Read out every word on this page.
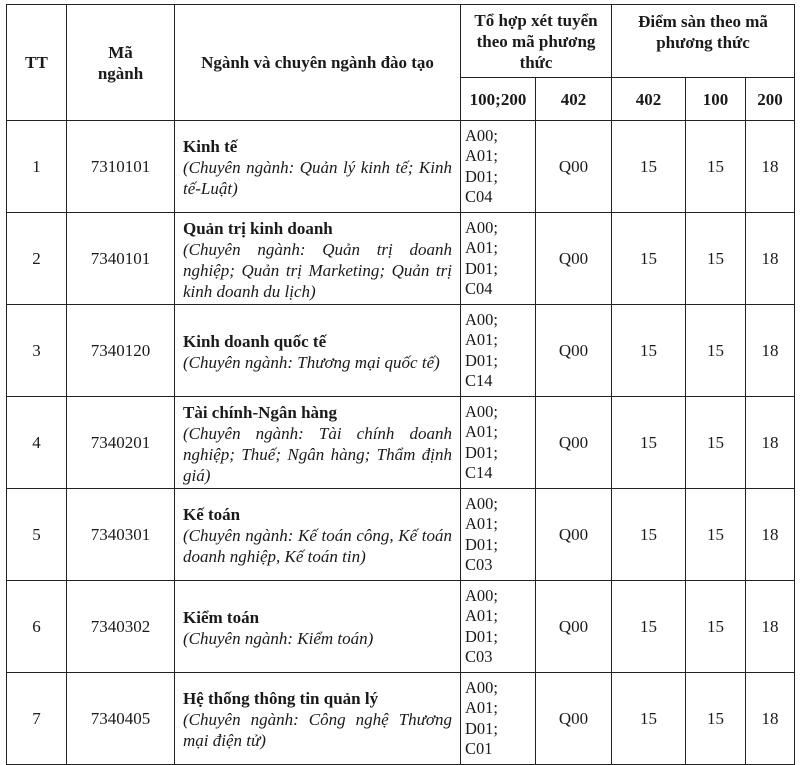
TT	Mã ngành	Ngành và chuyên ngành đào tạo	Tổ hợp xét tuyển theo mã phương thức		Điểm sàn theo mã phương thức		
			100;200	402	402	100	200
1	7310101	Kinh tế
(Chuyên ngành: Quản lý kinh tế; Kinh tế-Luật)	A00;
A01;
D01;
C04	Q00	15	15	18
2	7340101	Quản trị kinh doanh
(Chuyên ngành: Quản trị doanh nghiệp; Quản trị Marketing; Quản trị kinh doanh du lịch)	A00;
A01;
D01;
C04	Q00	15	15	18
3	7340120	Kinh doanh quốc tế
(Chuyên ngành: Thương mại quốc tế)	A00;
A01;
D01;
C14	Q00	15	15	18
4	7340201	Tài chính-Ngân hàng
(Chuyên ngành: Tài chính doanh nghiệp; Thuế; Ngân hàng; Thẩm định giá)	A00;
A01;
D01;
C14	Q00	15	15	18
5	7340301	Kế toán
(Chuyên ngành: Kế toán công, Kế toán doanh nghiệp, Kế toán tin)	A00;
A01;
D01;
C03	Q00	15	15	18
6	7340302	Kiểm toán
(Chuyên ngành: Kiểm toán)	A00;
A01;
D01;
C03	Q00	15	15	18
7	7340405	Hệ thống thông tin quản lý
(Chuyên ngành: Công nghệ Thương mại điện tử)	A00;
A01;
D01;
C01	Q00	15	15	18
